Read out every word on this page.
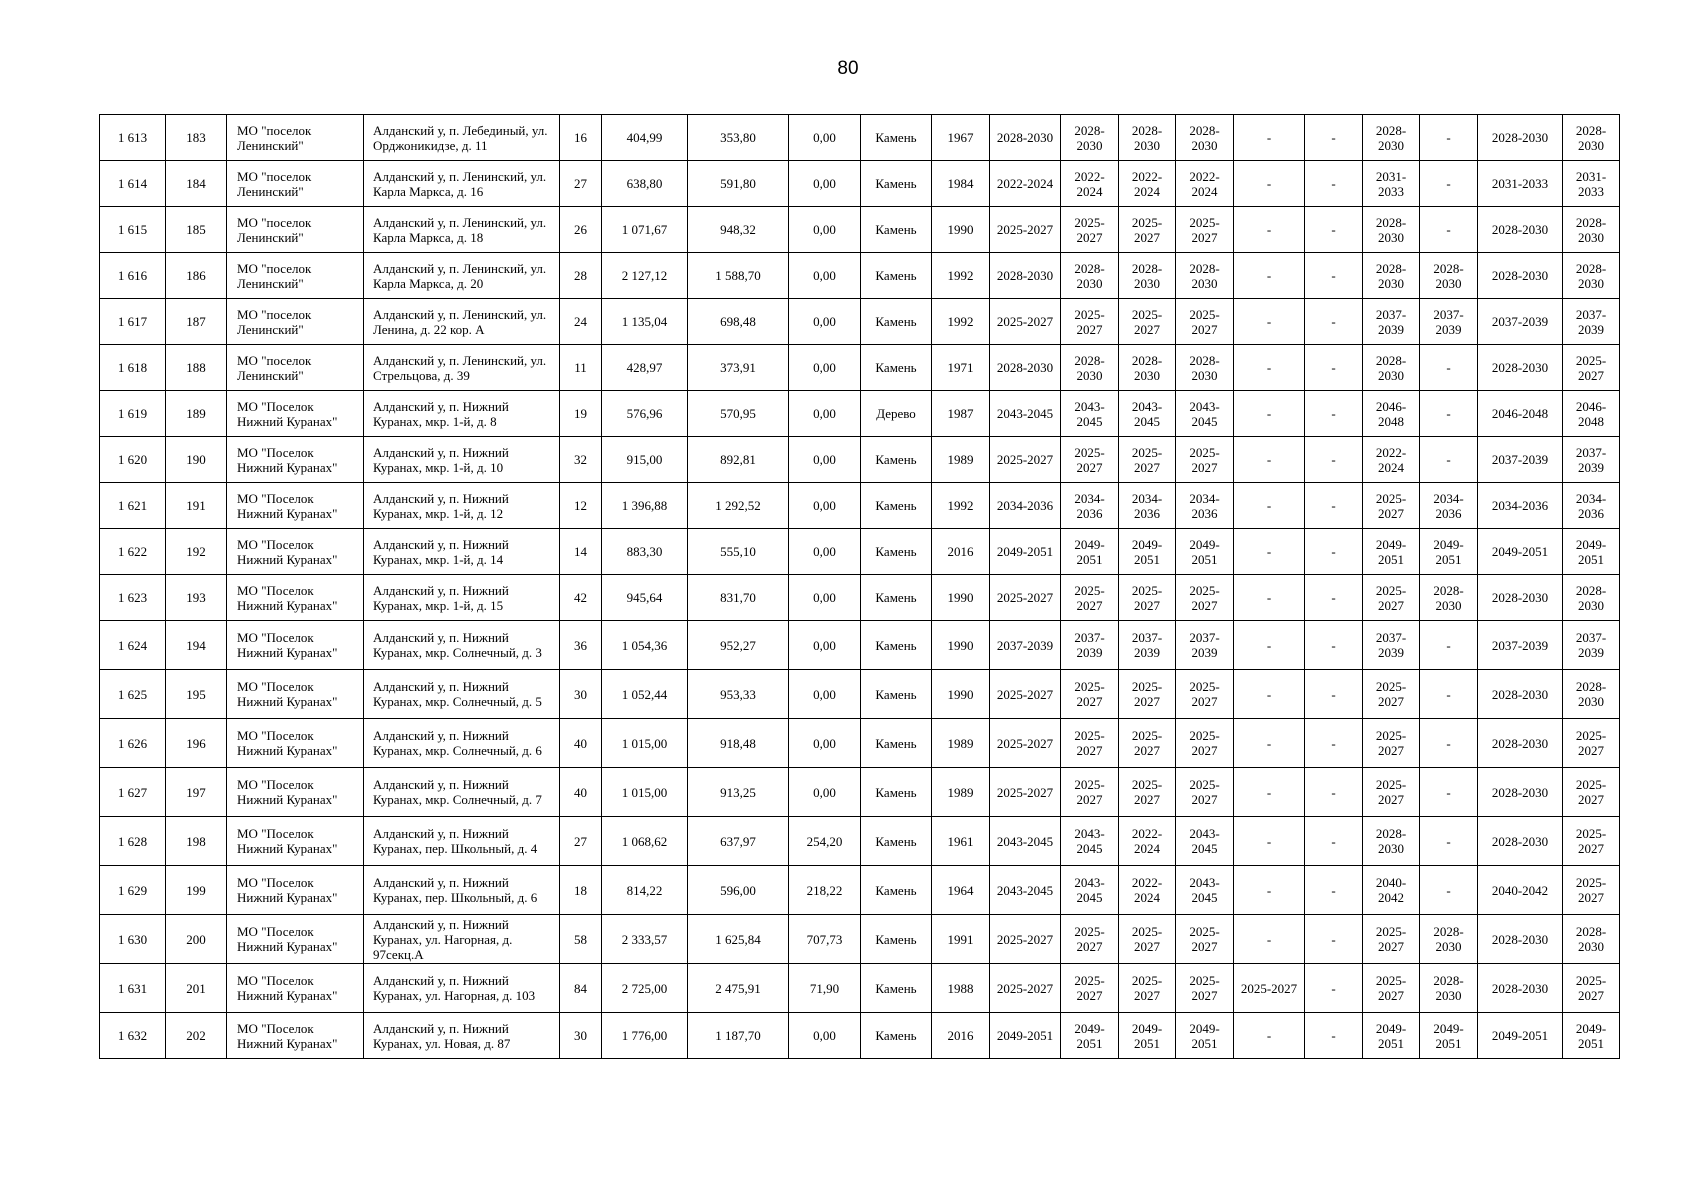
80
1 613	183	МО "поселок Ленинский"	Алданский у, п. Лебединый, ул. Орджоникидзе, д. 11	16	404,99	353,80	0,00	Камень	1967	2028-2030	2028-2030	2028-2030	2028-2030	-	-	2028-2030	-	2028-2030	2028-2030
1 614	184	МО "поселок Ленинский"	Алданский у, п. Ленинский, ул. Карла Маркса, д. 16	27	638,80	591,80	0,00	Камень	1984	2022-2024	2022-2024	2022-2024	2022-2024	-	-	2031-2033	-	2031-2033	2031-2033
1 615	185	МО "поселок Ленинский"	Алданский у, п. Ленинский, ул. Карла Маркса, д. 18	26	1 071,67	948,32	0,00	Камень	1990	2025-2027	2025-2027	2025-2027	2025-2027	-	-	2028-2030	-	2028-2030	2028-2030
1 616	186	МО "поселок Ленинский"	Алданский у, п. Ленинский, ул. Карла Маркса, д. 20	28	2 127,12	1 588,70	0,00	Камень	1992	2028-2030	2028-2030	2028-2030	2028-2030	-	-	2028-2030	2028-2030	2028-2030	2028-2030
1 617	187	МО "поселок Ленинский"	Алданский у, п. Ленинский, ул. Ленина, д. 22 кор. А	24	1 135,04	698,48	0,00	Камень	1992	2025-2027	2025-2027	2025-2027	2025-2027	-	-	2037-2039	2037-2039	2037-2039	2037-2039
1 618	188	МО "поселок Ленинский"	Алданский у, п. Ленинский, ул. Стрельцова, д. 39	11	428,97	373,91	0,00	Камень	1971	2028-2030	2028-2030	2028-2030	2028-2030	-	-	2028-2030	-	2028-2030	2025-2027
1 619	189	МО "Поселок Нижний Куранах"	Алданский у, п. Нижний Куранах, мкр. 1-й, д. 8	19	576,96	570,95	0,00	Дерево	1987	2043-2045	2043-2045	2043-2045	2043-2045	-	-	2046-2048	-	2046-2048	2046-2048
1 620	190	МО "Поселок Нижний Куранах"	Алданский у, п. Нижний Куранах, мкр. 1-й, д. 10	32	915,00	892,81	0,00	Камень	1989	2025-2027	2025-2027	2025-2027	2025-2027	-	-	2022-2024	-	2037-2039	2037-2039
1 621	191	МО "Поселок Нижний Куранах"	Алданский у, п. Нижний Куранах, мкр. 1-й, д. 12	12	1 396,88	1 292,52	0,00	Камень	1992	2034-2036	2034-2036	2034-2036	2034-2036	-	-	2025-2027	2034-2036	2034-2036	2034-2036
1 622	192	МО "Поселок Нижний Куранах"	Алданский у, п. Нижний Куранах, мкр. 1-й, д. 14	14	883,30	555,10	0,00	Камень	2016	2049-2051	2049-2051	2049-2051	2049-2051	-	-	2049-2051	2049-2051	2049-2051	2049-2051
1 623	193	МО "Поселок Нижний Куранах"	Алданский у, п. Нижний Куранах, мкр. 1-й, д. 15	42	945,64	831,70	0,00	Камень	1990	2025-2027	2025-2027	2025-2027	2025-2027	-	-	2025-2027	2028-2030	2028-2030	2028-2030
1 624	194	МО "Поселок Нижний Куранах"	Алданский у, п. Нижний Куранах, мкр. Солнечный, д. 3	36	1 054,36	952,27	0,00	Камень	1990	2037-2039	2037-2039	2037-2039	2037-2039	-	-	2037-2039	-	2037-2039	2037-2039
1 625	195	МО "Поселок Нижний Куранах"	Алданский у, п. Нижний Куранах, мкр. Солнечный, д. 5	30	1 052,44	953,33	0,00	Камень	1990	2025-2027	2025-2027	2025-2027	2025-2027	-	-	2025-2027	-	2028-2030	2028-2030
1 626	196	МО "Поселок Нижний Куранах"	Алданский у, п. Нижний Куранах, мкр. Солнечный, д. 6	40	1 015,00	918,48	0,00	Камень	1989	2025-2027	2025-2027	2025-2027	2025-2027	-	-	2025-2027	-	2028-2030	2025-2027
1 627	197	МО "Поселок Нижний Куранах"	Алданский у, п. Нижний Куранах, мкр. Солнечный, д. 7	40	1 015,00	913,25	0,00	Камень	1989	2025-2027	2025-2027	2025-2027	2025-2027	-	-	2025-2027	-	2028-2030	2025-2027
1 628	198	МО "Поселок Нижний Куранах"	Алданский у, п. Нижний Куранах, пер. Школьный, д. 4	27	1 068,62	637,97	254,20	Камень	1961	2043-2045	2043-2045	2022-2024	2043-2045	-	-	2028-2030	-	2028-2030	2025-2027
1 629	199	МО "Поселок Нижний Куранах"	Алданский у, п. Нижний Куранах, пер. Школьный, д. 6	18	814,22	596,00	218,22	Камень	1964	2043-2045	2043-2045	2022-2024	2043-2045	-	-	2040-2042	-	2040-2042	2025-2027
1 630	200	МО "Поселок Нижний Куранах"	Алданский у, п. Нижний Куранах, ул. Нагорная, д. 97секц.А	58	2 333,57	1 625,84	707,73	Камень	1991	2025-2027	2025-2027	2025-2027	2025-2027	-	-	2025-2027	2028-2030	2028-2030	2028-2030
1 631	201	МО "Поселок Нижний Куранах"	Алданский у, п. Нижний Куранах, ул. Нагорная, д. 103	84	2 725,00	2 475,91	71,90	Камень	1988	2025-2027	2025-2027	2025-2027	2025-2027	2025-2027	-	2025-2027	2028-2030	2028-2030	2025-2027
1 632	202	МО "Поселок Нижний Куранах"	Алданский у, п. Нижний Куранах, ул. Новая, д. 87	30	1 776,00	1 187,70	0,00	Камень	2016	2049-2051	2049-2051	2049-2051	2049-2051	-	-	2049-2051	2049-2051	2049-2051	2049-2051
